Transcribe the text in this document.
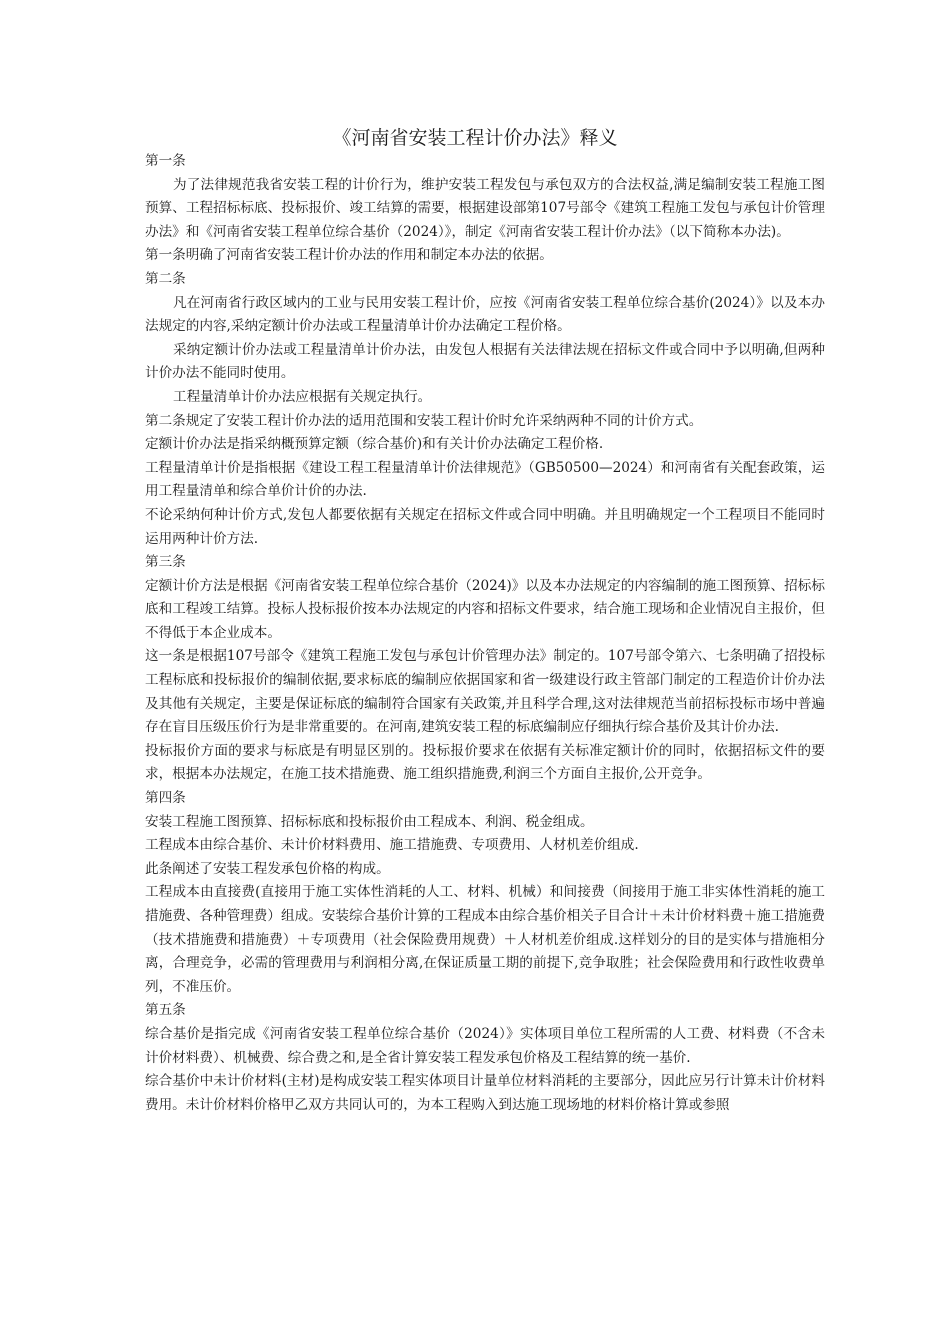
《河南省安装工程计价办法》释义

第一条

为了法律规范我省安装工程的计价行为，维护安装工程发包与承包双方的合法权益,满足编制安装工程施工图预算、工程招标标底、投标报价、竣工结算的需要，根据建设部第107号部令《建筑工程施工发包与承包计价管理办法》和《河南省安装工程单位综合基价（2024）》，制定《河南省安装工程计价办法》（以下简称本办法)。

第一条明确了河南省安装工程计价办法的作用和制定本办法的依据。

第二条

凡在河南省行政区域内的工业与民用安装工程计价，应按《河南省安装工程单位综合基价(2024）》以及本办法规定的内容,采纳定额计价办法或工程量清单计价办法确定工程价格。

采纳定额计价办法或工程量清单计价办法，由发包人根据有关法律法规在招标文件或合同中予以明确,但两种计价办法不能同时使用。

工程量清单计价办法应根据有关规定执行。

第二条规定了安装工程计价办法的适用范围和安装工程计价时允许采纳两种不同的计价方式。

定额计价办法是指采纳概预算定额（综合基价)和有关计价办法确定工程价格.

工程量清单计价是指根据《建设工程工程量清单计价法律规范》（GB50500—2024）和河南省有关配套政策，运用工程量清单和综合单价计价的办法.

不论采纳何种计价方式,发包人都要依据有关规定在招标文件或合同中明确。并且明确规定一个工程项目不能同时运用两种计价方法.

第三条

定额计价方法是根据《河南省安装工程单位综合基价（2024)》以及本办法规定的内容编制的施工图预算、招标标底和工程竣工结算。投标人投标报价按本办法规定的内容和招标文件要求，结合施工现场和企业情况自主报价，但不得低于本企业成本。

这一条是根据107号部令《建筑工程施工发包与承包计价管理办法》制定的。107号部令第六、七条明确了招投标工程标底和投标报价的编制依据,要求标底的编制应依据国家和省一级建设行政主管部门制定的工程造价计价办法及其他有关规定，主要是保证标底的编制符合国家有关政策,并且科学合理,这对法律规范当前招标投标市场中普遍存在盲目压级压价行为是非常重要的。在河南,建筑安装工程的标底编制应仔细执行综合基价及其计价办法.

投标报价方面的要求与标底是有明显区别的。投标报价要求在依据有关标准定额计价的同时，依据招标文件的要求，根据本办法规定，在施工技术措施费、施工组织措施费,利润三个方面自主报价,公开竞争。

第四条

安装工程施工图预算、招标标底和投标报价由工程成本、利润、税金组成。

工程成本由综合基价、未计价材料费用、施工措施费、专项费用、人材机差价组成.

此条阐述了安装工程发承包价格的构成。

工程成本由直接费(直接用于施工实体性消耗的人工、材料、机械）和间接费（间接用于施工非实体性消耗的施工措施费、各种管理费）组成。安装综合基价计算的工程成本由综合基价相关子目合计＋未计价材料费＋施工措施费（技术措施费和措施费）＋专项费用（社会保险费用规费）＋人材机差价组成.这样划分的目的是实体与措施相分离，合理竞争，必需的管理费用与利润相分离,在保证质量工期的前提下,竞争取胜；社会保险费用和行政性收费单列，不准压价。

第五条

综合基价是指完成《河南省安装工程单位综合基价（2024）》实体项目单位工程所需的人工费、材料费（不含未计价材料费）、机械费、综合费之和,是全省计算安装工程发承包价格及工程结算的统一基价.

综合基价中未计价材料(主材)是构成安装工程实体项目计量单位材料消耗的主要部分，因此应另行计算未计价材料费用。未计价材料价格甲乙双方共同认可的，为本工程购入到达施工现场地的材料价格计算或参照
